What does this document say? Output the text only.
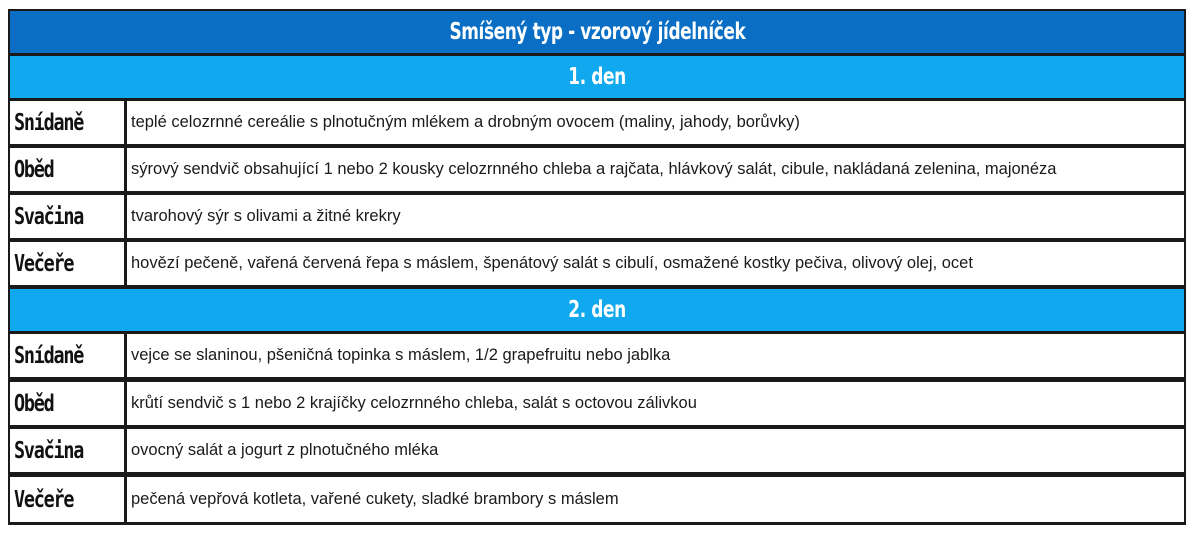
Smíšený typ - vzorový jídelníček
1. den
Snídaně	teplé celozrnné cereálie s plnotučným mlékem a drobným ovocem (maliny, jahody, borůvky)
Oběd	sýrový sendvič obsahující 1 nebo 2 kousky celozrnného chleba a rajčata, hlávkový salát, cibule, nakládaná zelenina, majonéza
Svačina	tvarohový sýr s olivami a žitné krekry
Večeře	hovězí pečeně, vařená červená řepa s máslem, špenátový salát s cibulí, osmažené kostky pečiva, olivový olej, ocet
2. den
Snídaně	vejce se slaninou, pšeničná topinka s máslem, 1/2 grapefruitu nebo jablka
Oběd	krůtí sendvič s 1 nebo 2 krajíčky celozrnného chleba, salát s octovou zálivkou
Svačina	ovocný salát a jogurt z plnotučného mléka
Večeře	pečená vepřová kotleta, vařené cukety, sladké brambory s máslem
